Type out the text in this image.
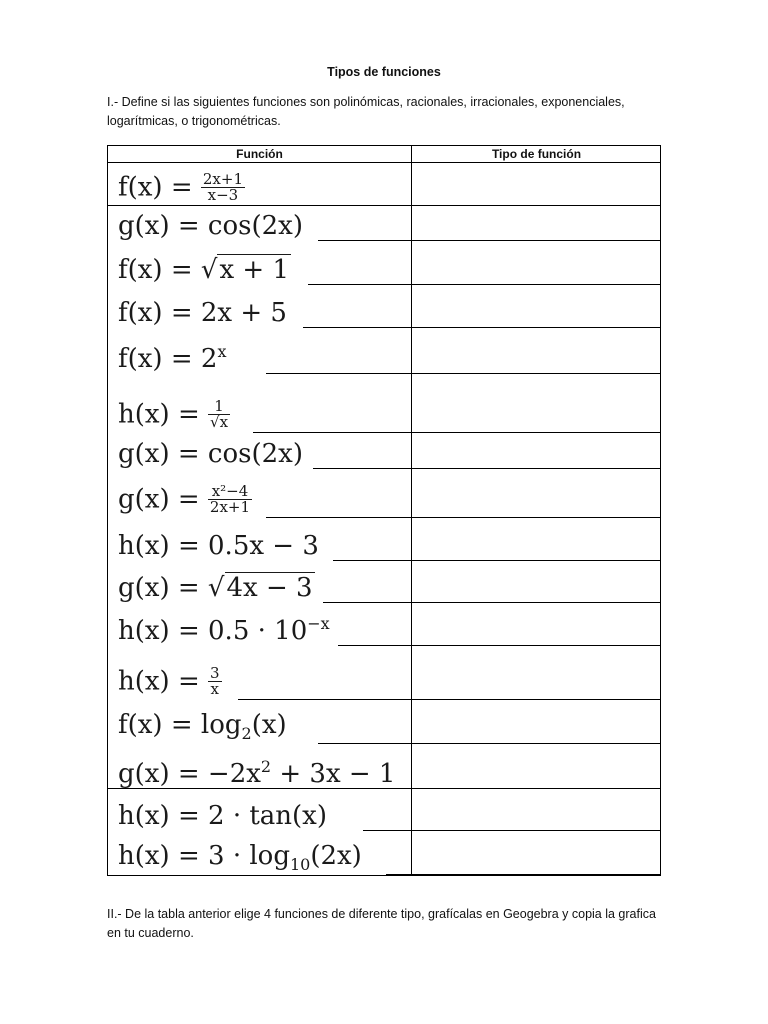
Tipos de funciones
I.- Define si las siguientes funciones son polinómicas, racionales, irracionales, exponenciales, logarítmicas, o trigonométricas.
Función	Tipo de función
$f(x) = \frac{2x+1}{x-3}$
g(x) = cos(2x)
f(x) = √x + 1
f(x) = 2x + 5
$f(x) = 2^x$
$h(x) = \frac{1}{√x}$
g(x) = cos(2x)
$g(x) = \frac{\text{x²−4}}{2x+1}$
h(x) = 0.5x − 3
g(x) = √4x − 3
$h(x) = 0.5 \cdot 10^{-x}$
$h(x) = \frac{3}{x}$
$f(x) = \log_2(x)$
$g(x) = -2x^2 + 3x - 1$
h(x) = 2 · tan(x)
$h(x) = 3 \cdot \log_{10}(2x)$
II.- De la tabla anterior elige 4 funciones de diferente tipo, grafícalas en Geogebra y copia la grafica en tu cuaderno.
